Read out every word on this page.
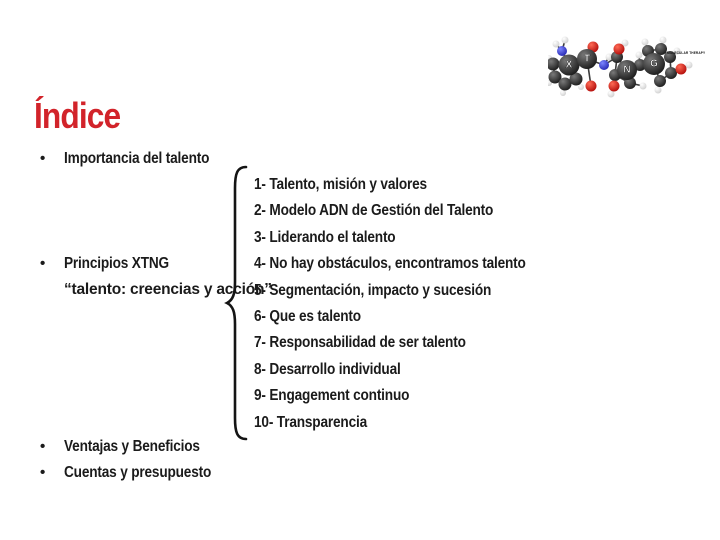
X
T
N
G
MOLECULAR THERAPY
Índice
•
Importancia del talento
•
Principios XTNG
“talento: creencias y acción”
•
Ventajas y Beneficios
•
Cuentas y presupuesto
1- Talento, misión y valores
2- Modelo ADN de Gestión del Talento
3- Liderando el talento
4- No hay obstáculos, encontramos talento
5- Segmentación, impacto y sucesión
6- Que es talento
7- Responsabilidad de ser talento
8- Desarrollo individual
9- Engagement continuo
10- Transparencia
